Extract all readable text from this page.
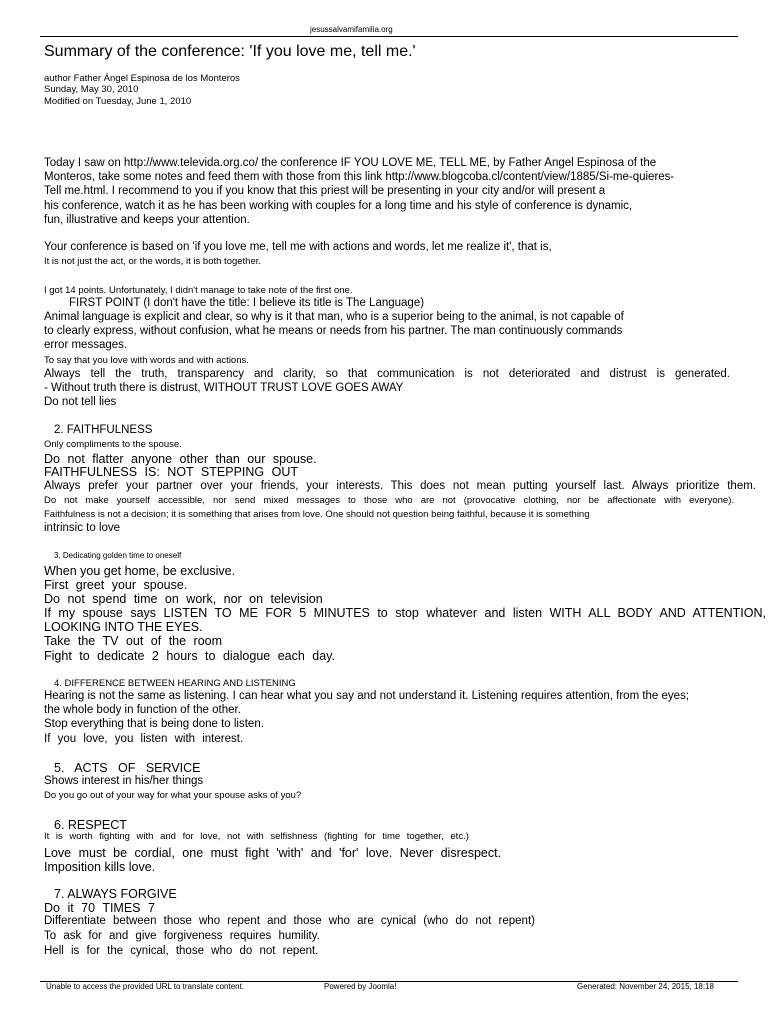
jesussalvamifamilia.org
Summary of the conference: 'If you love me, tell me.'
author Father Ángel Espinosa de los Monteros
Sunday, May 30, 2010
Modified on Tuesday, June 1, 2010
Today I saw on http://www.televida.org.co/ the conference IF YOU LOVE ME, TELL ME, by Father Angel Espinosa of the
Monteros, take some notes and feed them with those from this link http://www.blogcoba.cl/content/view/1885/Si-me-quieres-
Tell me.html. I recommend to you if you know that this priest will be presenting in your city and/or will present a
his conference, watch it as he has been working with couples for a long time and his style of conference is dynamic,
fun, illustrative and keeps your attention.
Your conference is based on 'if you love me, tell me with actions and words, let me realize it', that is,
It is not just the act, or the words, it is both together.
I got 14 points. Unfortunately, I didn't manage to take note of the first one.
FIRST POINT (I don't have the title: I believe its title is The Language)
Animal language is explicit and clear, so why is it that man, who is a superior being to the animal, is not capable of
to clearly express, without confusion, what he means or needs from his partner. The man continuously commands
error messages.
To say that you love with words and with actions.
Always tell the truth, transparency and clarity, so that communication is not deteriorated and distrust is generated.
- Without truth there is distrust, WITHOUT TRUST LOVE GOES AWAY
Do not tell lies
2. FAITHFULNESS
Only compliments to the spouse.
Do not flatter anyone other than our spouse.
FAITHFULNESS IS: NOT STEPPING OUT
Always prefer your partner over your friends, your interests. This does not mean putting yourself last. Always prioritize them.
Do not make yourself accessible, nor send mixed messages to those who are not (provocative clothing, nor be affectionate with everyone).
Faithfulness is not a decision; it is something that arises from love. One should not question being faithful, because it is something
intrinsic to love
3. Dedicating golden time to oneself
When you get home, be exclusive.
First greet your spouse.
Do not spend time on work, nor on television
If my spouse says LISTEN TO ME FOR 5 MINUTES to stop whatever and listen WITH ALL BODY AND ATTENTION,
LOOKING INTO THE EYES.
Take the TV out of the room
Fight to dedicate 2 hours to dialogue each day.
4. DIFFERENCE BETWEEN HEARING AND LISTENING
Hearing is not the same as listening. I can hear what you say and not understand it. Listening requires attention, from the eyes;
the whole body in function of the other.
Stop everything that is being done to listen.
If you love, you listen with interest.
5. ACTS OF SERVICE
Shows interest in his/her things
Do you go out of your way for what your spouse asks of you?
6. RESPECT
It is worth fighting with and for love, not with selfishness (fighting for time together, etc.)
Love must be cordial, one must fight 'with' and 'for' love. Never disrespect.
Imposition kills love.
7. ALWAYS FORGIVE
Do it 70 TIMES 7
Differentiate between those who repent and those who are cynical (who do not repent)
To ask for and give forgiveness requires humility.
Hell is for the cynical, those who do not repent.
Unable to access the provided URL to translate content.	Powered by Joomla!	Generated: November 24, 2015, 18:18
